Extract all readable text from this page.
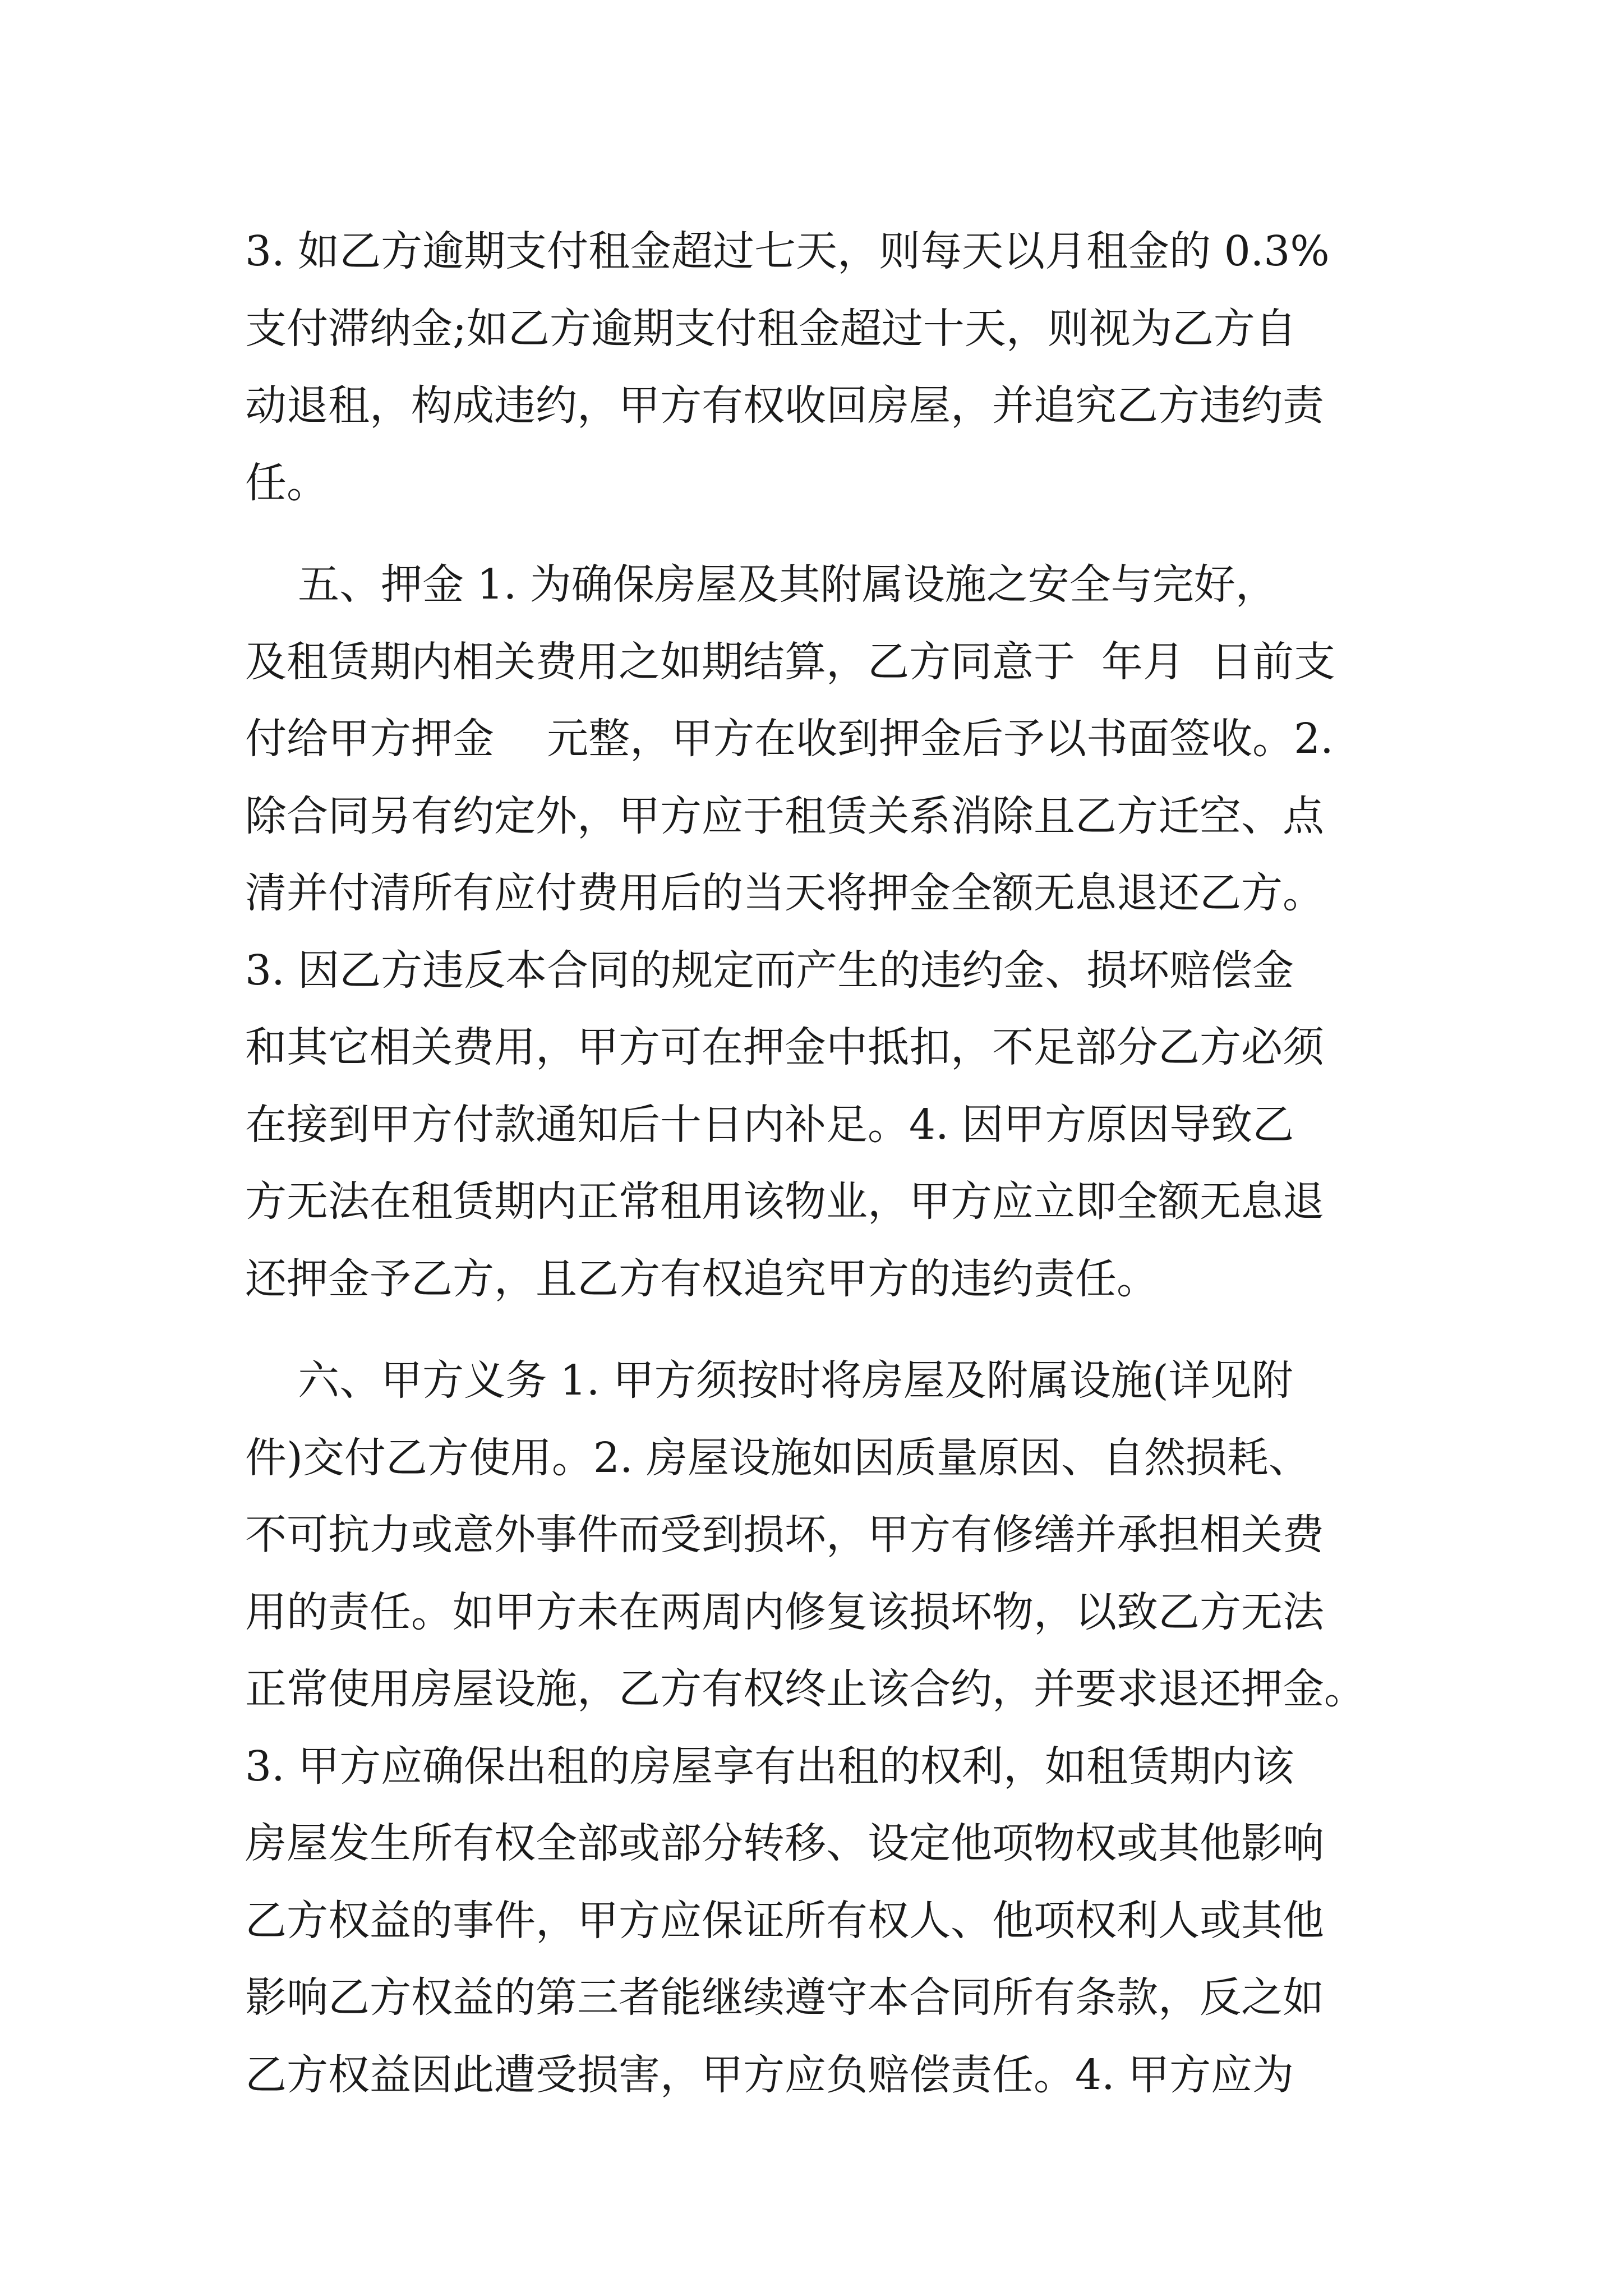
3. 如乙方逾期支付租金超过七天，则每天以月租金的 0.3%
支付滞纳金;如乙方逾期支付租金超过十天，则视为乙方自
动退租，构成违约，甲方有权收回房屋，并追究乙方违约责
任。
五、押金 1. 为确保房屋及其附属设施之安全与完好，
及租赁期内相关费用之如期结算，乙方同意于  年月  日前支
付给甲方押金    元整，甲方在收到押金后予以书面签收。2.
除合同另有约定外，甲方应于租赁关系消除且乙方迁空、点
清并付清所有应付费用后的当天将押金全额无息退还乙方。
3. 因乙方违反本合同的规定而产生的违约金、损坏赔偿金
和其它相关费用，甲方可在押金中抵扣，不足部分乙方必须
在接到甲方付款通知后十日内补足。4. 因甲方原因导致乙
方无法在租赁期内正常租用该物业，甲方应立即全额无息退
还押金予乙方，且乙方有权追究甲方的违约责任。
六、甲方义务 1. 甲方须按时将房屋及附属设施(详见附
件)交付乙方使用。2. 房屋设施如因质量原因、自然损耗、
不可抗力或意外事件而受到损坏，甲方有修缮并承担相关费
用的责任。如甲方未在两周内修复该损坏物，以致乙方无法
正常使用房屋设施，乙方有权终止该合约，并要求退还押金。
3. 甲方应确保出租的房屋享有出租的权利，如租赁期内该
房屋发生所有权全部或部分转移、设定他项物权或其他影响
乙方权益的事件，甲方应保证所有权人、他项权利人或其他
影响乙方权益的第三者能继续遵守本合同所有条款，反之如
乙方权益因此遭受损害，甲方应负赔偿责任。4. 甲方应为
